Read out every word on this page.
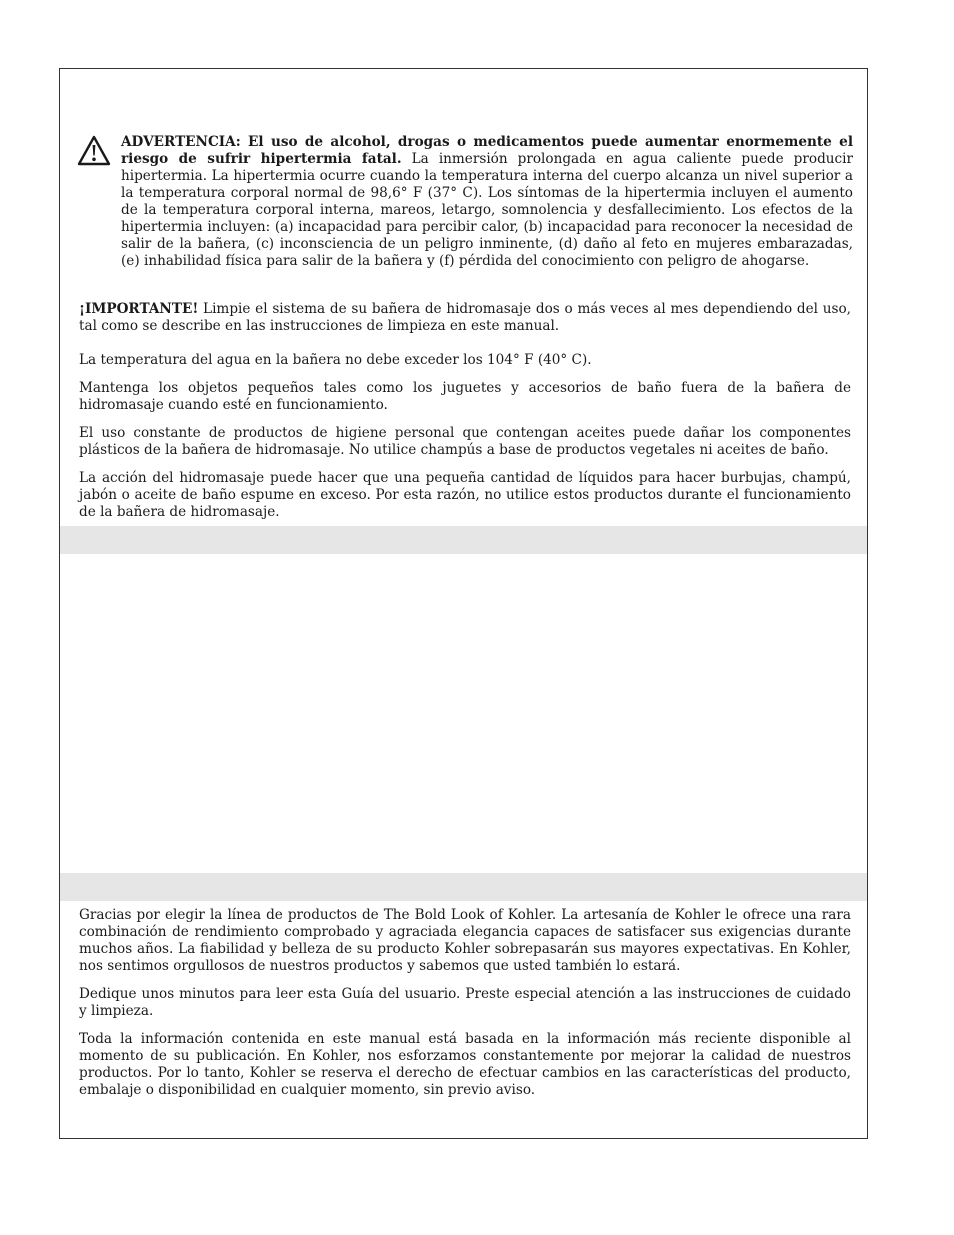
ADVERTENCIA: El uso de alcohol, drogas o medicamentos puede aumentar enormemente el riesgo de sufrir hipertermia fatal. La inmersión prolongada en agua caliente puede producir hipertermia. La hipertermia ocurre cuando la temperatura interna del cuerpo alcanza un nivel superior a la temperatura corporal normal de 98,6° F (37° C). Los síntomas de la hipertermia incluyen el aumento de la temperatura corporal interna, mareos, letargo, somnolencia y desfallecimiento. Los efectos de la hipertermia incluyen: (a) incapacidad para percibir calor, (b) incapacidad para reconocer la necesidad de salir de la bañera, (c) inconsciencia de un peligro inminente, (d) daño al feto en mujeres embarazadas, (e) inhabilidad física para salir de la bañera y (f) pérdida del conocimiento con peligro de ahogarse.

¡IMPORTANTE! Limpie el sistema de su bañera de hidromasaje dos o más veces al mes dependiendo del uso, tal como se describe en las instrucciones de limpieza en este manual.

La temperatura del agua en la bañera no debe exceder los 104° F (40° C).

Mantenga los objetos pequeños tales como los juguetes y accesorios de baño fuera de la bañera de hidromasaje cuando esté en funcionamiento.

El uso constante de productos de higiene personal que contengan aceites puede dañar los componentes plásticos de la bañera de hidromasaje. No utilice champús a base de productos vegetales ni aceites de baño.

La acción del hidromasaje puede hacer que una pequeña cantidad de líquidos para hacer burbujas, champú, jabón o aceite de baño espume en exceso. Por esta razón, no utilice estos productos durante el funcionamiento de la bañera de hidromasaje.

Gracias por elegir la línea de productos de The Bold Look of Kohler. La artesanía de Kohler le ofrece una rara combinación de rendimiento comprobado y agraciada elegancia capaces de satisfacer sus exigencias durante muchos años. La fiabilidad y belleza de su producto Kohler sobrepasarán sus mayores expectativas. En Kohler, nos sentimos orgullosos de nuestros productos y sabemos que usted también lo estará.

Dedique unos minutos para leer esta Guía del usuario. Preste especial atención a las instrucciones de cuidado y limpieza.

Toda la información contenida en este manual está basada en la información más reciente disponible al momento de su publicación. En Kohler, nos esforzamos constantemente por mejorar la calidad de nuestros productos. Por lo tanto, Kohler se reserva el derecho de efectuar cambios en las características del producto, embalaje o disponibilidad en cualquier momento, sin previo aviso.
